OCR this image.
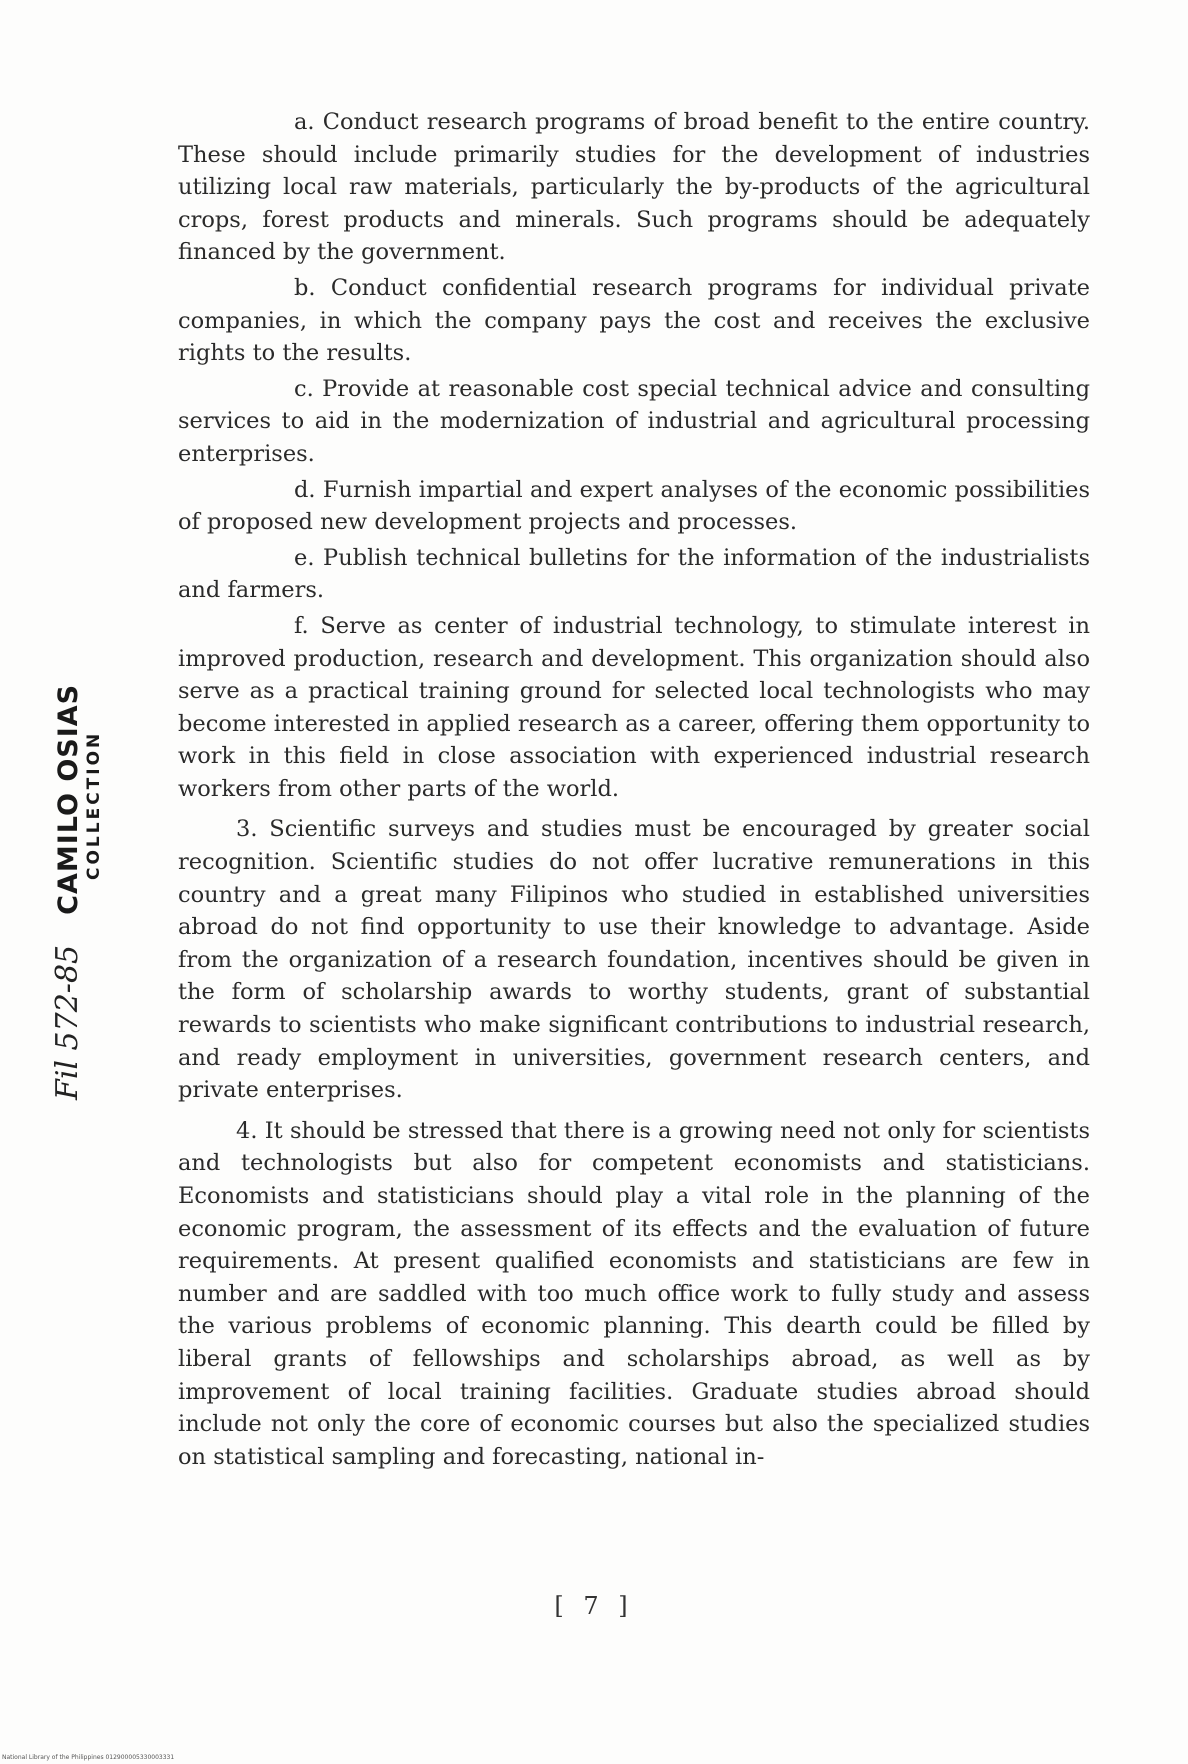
Fil 572-85 CAMILO OSIAS COLLECTION

a. Conduct research programs of broad benefit to the entire country. These should include primarily studies for the development of industries utilizing local raw materials, particularly the by-products of the agricultural crops, forest products and minerals. Such programs should be adequately financed by the government.

b. Conduct confidential research programs for individual private companies, in which the company pays the cost and receives the exclusive rights to the results.

c. Provide at reasonable cost special technical advice and consulting services to aid in the modernization of industrial and agricultural processing enterprises.

d. Furnish impartial and expert analyses of the economic possibilities of proposed new development projects and processes.

e. Publish technical bulletins for the information of the industrialists and farmers.

f. Serve as center of industrial technology, to stimulate interest in improved production, research and development. This organization should also serve as a practical training ground for selected local technologists who may become interested in applied research as a career, offering them opportunity to work in this field in close association with experienced industrial research workers from other parts of the world.

3. Scientific surveys and studies must be encouraged by greater social recognition. Scientific studies do not offer lucrative remunerations in this country and a great many Filipinos who studied in established universities abroad do not find opportunity to use their knowledge to advantage. Aside from the organization of a research foundation, incentives should be given in the form of scholarship awards to worthy students, grant of substantial rewards to scientists who make significant contributions to industrial research, and ready employment in universities, government research centers, and private enterprises.

4. It should be stressed that there is a growing need not only for scientists and technologists but also for competent economists and statisticians. Economists and statisticians should play a vital role in the planning of the economic program, the assessment of its effects and the evaluation of future requirements. At present qualified economists and statisticians are few in number and are saddled with too much office work to fully study and assess the various problems of economic planning. This dearth could be filled by liberal grants of fellowships and scholarships abroad, as well as by improvement of local training facilities. Graduate studies abroad should include not only the core of economic courses but also the specialized studies on statistical sampling and forecasting, national in-

[ 7 ]
National Library of the Philippines 012900005330003331
